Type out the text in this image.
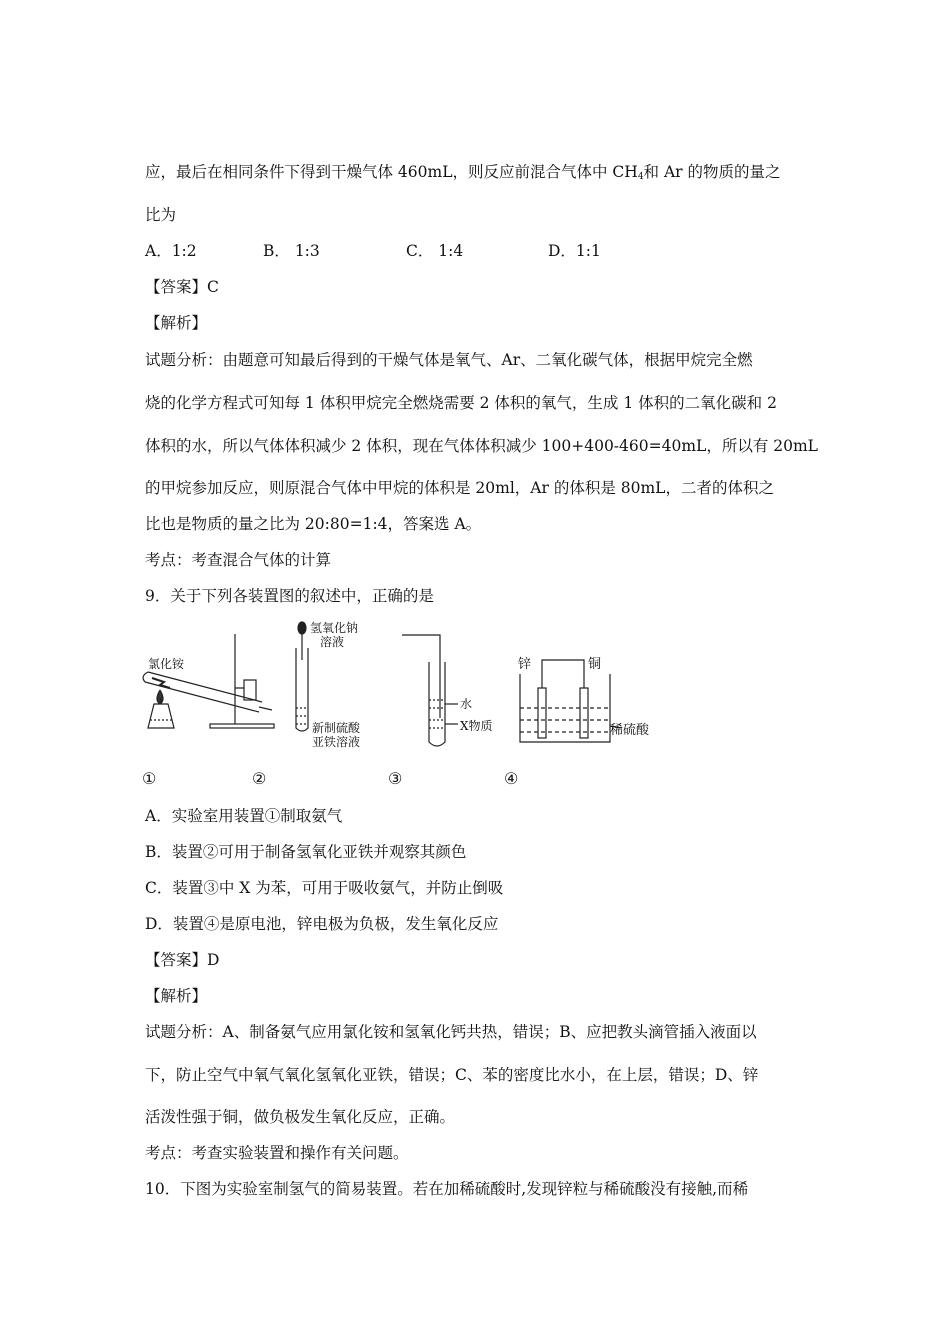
应，最后在相同条件下得到干燥气体 460mL，则反应前混合气体中 $CH_4$和 Ar 的物质的量之
比为
A．1:2	B． 1:3	C． 1:4	D．1:1
【答案】C
【解析】
试题分析：由题意可知最后得到的干燥气体是氧气、Ar、二氧化碳气体，根据甲烷完全燃
烧的化学方程式可知每 1 体积甲烷完全燃烧需要 2 体积的氧气，生成 1 体积的二氧化碳和 2
体积的水，所以气体体积减少 2 体积，现在气体体积减少 100+400-460=40mL，所以有 20mL
的甲烷参加反应，则原混合气体中甲烷的体积是 20ml，Ar 的体积是 80mL，二者的体积之
比也是物质的量之比为 20:80=1:4，答案选 A。
考点：考查混合气体的计算
9．关于下列各装置图的叙述中，正确的是
氯化铵
氢氧化钠
溶液
新制硫酸
亚铁溶液
水
X物质
①	②	③	④
锌	铜
稀硫酸
A．实验室用装置①制取氨气
B．装置②可用于制备氢氧化亚铁并观察其颜色
C．装置③中 X 为苯，可用于吸收氨气，并防止倒吸
D．装置④是原电池，锌电极为负极，发生氧化反应
【答案】D
【解析】
试题分析：A、制备氨气应用氯化铵和氢氧化钙共热，错误；B、应把教头滴管插入液面以
下，防止空气中氧气氧化氢氧化亚铁，错误；C、苯的密度比水小，在上层，错误；D、锌
活泼性强于铜，做负极发生氧化反应，正确。
考点：考查实验装置和操作有关问题。
10．下图为实验室制氢气的简易装置。若在加稀硫酸时,发现锌粒与稀硫酸没有接触,而稀
